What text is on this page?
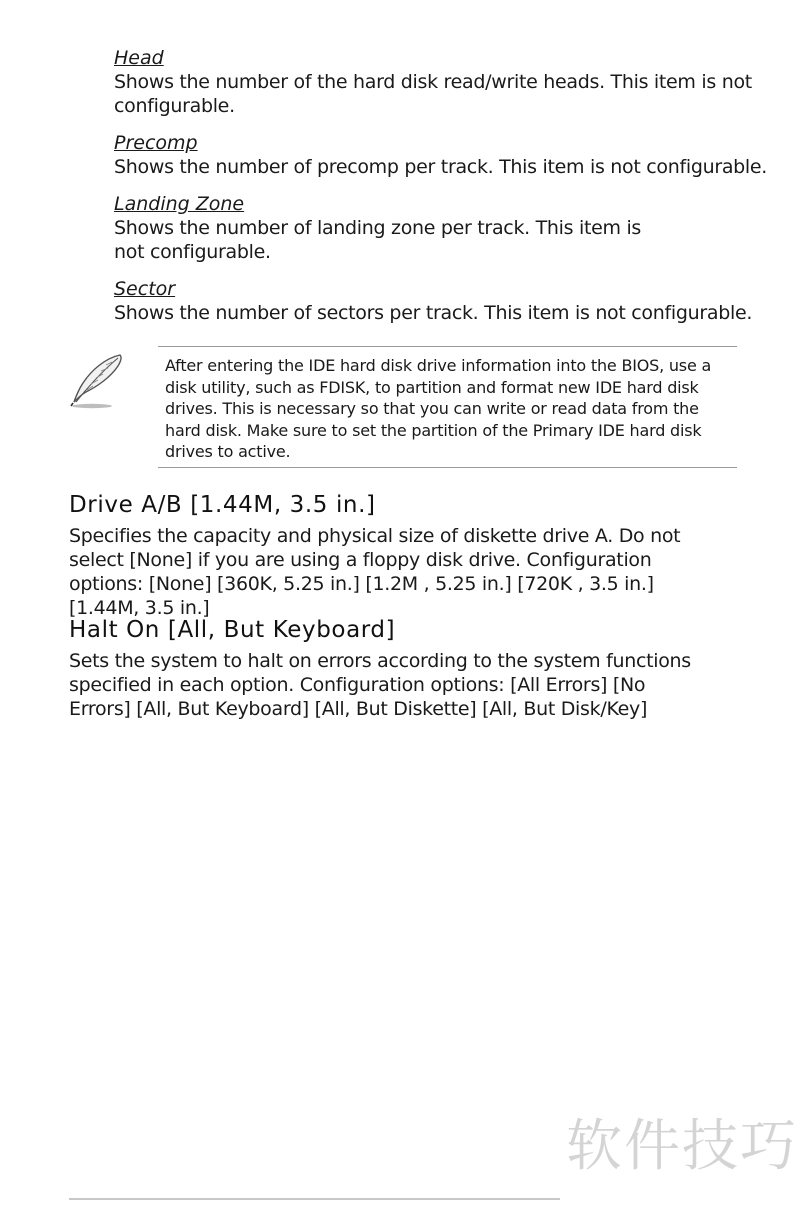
Head
Shows the number of the hard disk read/write heads. This item is not configurable.
Precomp
Shows the number of precomp per track. This item is not configurable.
Landing Zone
Shows the number of landing zone per track. This item is not configurable.
Sector
Shows the number of sectors per track. This item is not configurable.
After entering the IDE hard disk drive information into the BIOS, use a disk utility, such as FDISK, to partition and format new IDE hard disk drives. This is necessary so that you can write or read data from the hard disk. Make sure to set the partition of the Primary IDE hard disk drives to active.
Drive A/B [1.44M, 3.5 in.]
Specifies the capacity and physical size of diskette drive A. Do not select [None] if you are using a floppy disk drive. Configuration options: [None] [360K, 5.25 in.] [1.2M , 5.25 in.] [720K , 3.5 in.] [1.44M, 3.5 in.]
Halt On [All, But Keyboard]
Sets the system to halt on errors according to the system functions specified in each option. Configuration options: [All Errors] [No Errors] [All, But Keyboard] [All, But Diskette] [All, But Disk/Key]
软件技巧
